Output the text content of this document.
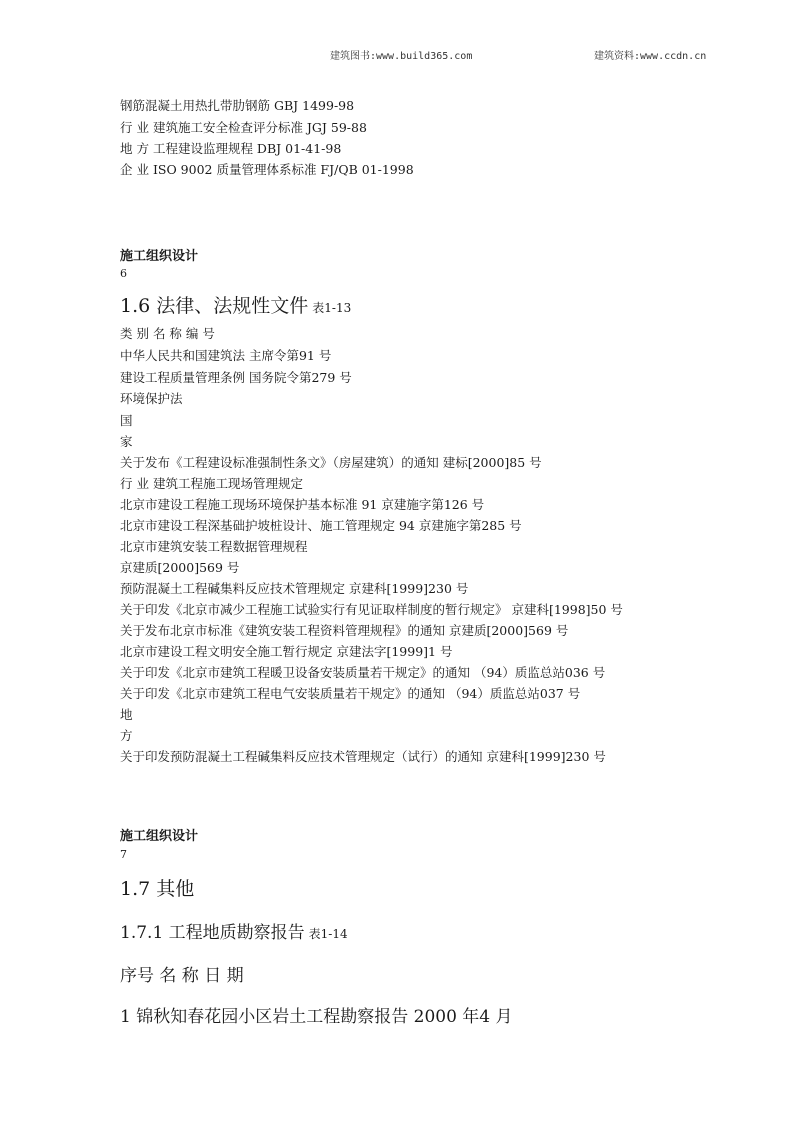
建筑图书:www.build365.com	建筑资料:www.ccdn.cn
钢筋混凝土用热扎带肋钢筋 GBJ 1499-98
行 业 建筑施工安全检查评分标准 JGJ 59-88
地 方 工程建设监理规程 DBJ 01-41-98
企 业 ISO 9002 质量管理体系标准 FJ/QB 01-1998
施工组织设计
6
1.6 法律、法规性文件 表1-13
类 别 名 称 编 号
中华人民共和国建筑法 主席令第91 号
建设工程质量管理条例 国务院令第279 号
环境保护法
国
家
关于发布《工程建设标准强制性条文》（房屋建筑）的通知 建标[2000]85 号
行 业 建筑工程施工现场管理规定
北京市建设工程施工现场环境保护基本标准 91 京建施字第126 号
北京市建设工程深基础护坡桩设计、施工管理规定 94 京建施字第285 号
北京市建筑安装工程数据管理规程
京建质[2000]569 号
预防混凝土工程碱集料反应技术管理规定 京建科[1999]230 号
关于印发《北京市减少工程施工试验实行有见证取样制度的暂行规定》 京建科[1998]50 号
关于发布北京市标准《建筑安装工程资料管理规程》的通知 京建质[2000]569 号
北京市建设工程文明安全施工暂行规定 京建法字[1999]1 号
关于印发《北京市建筑工程暖卫设备安装质量若干规定》的通知 （94）质监总站036 号
关于印发《北京市建筑工程电气安装质量若干规定》的通知 （94）质监总站037 号
地
方
关于印发预防混凝土工程碱集料反应技术管理规定（试行）的通知 京建科[1999]230 号
施工组织设计
7
1.7 其他
1.7.1 工程地质勘察报告 表1-14
序号 名 称 日 期
1 锦秋知春花园小区岩土工程勘察报告 2000 年4 月
